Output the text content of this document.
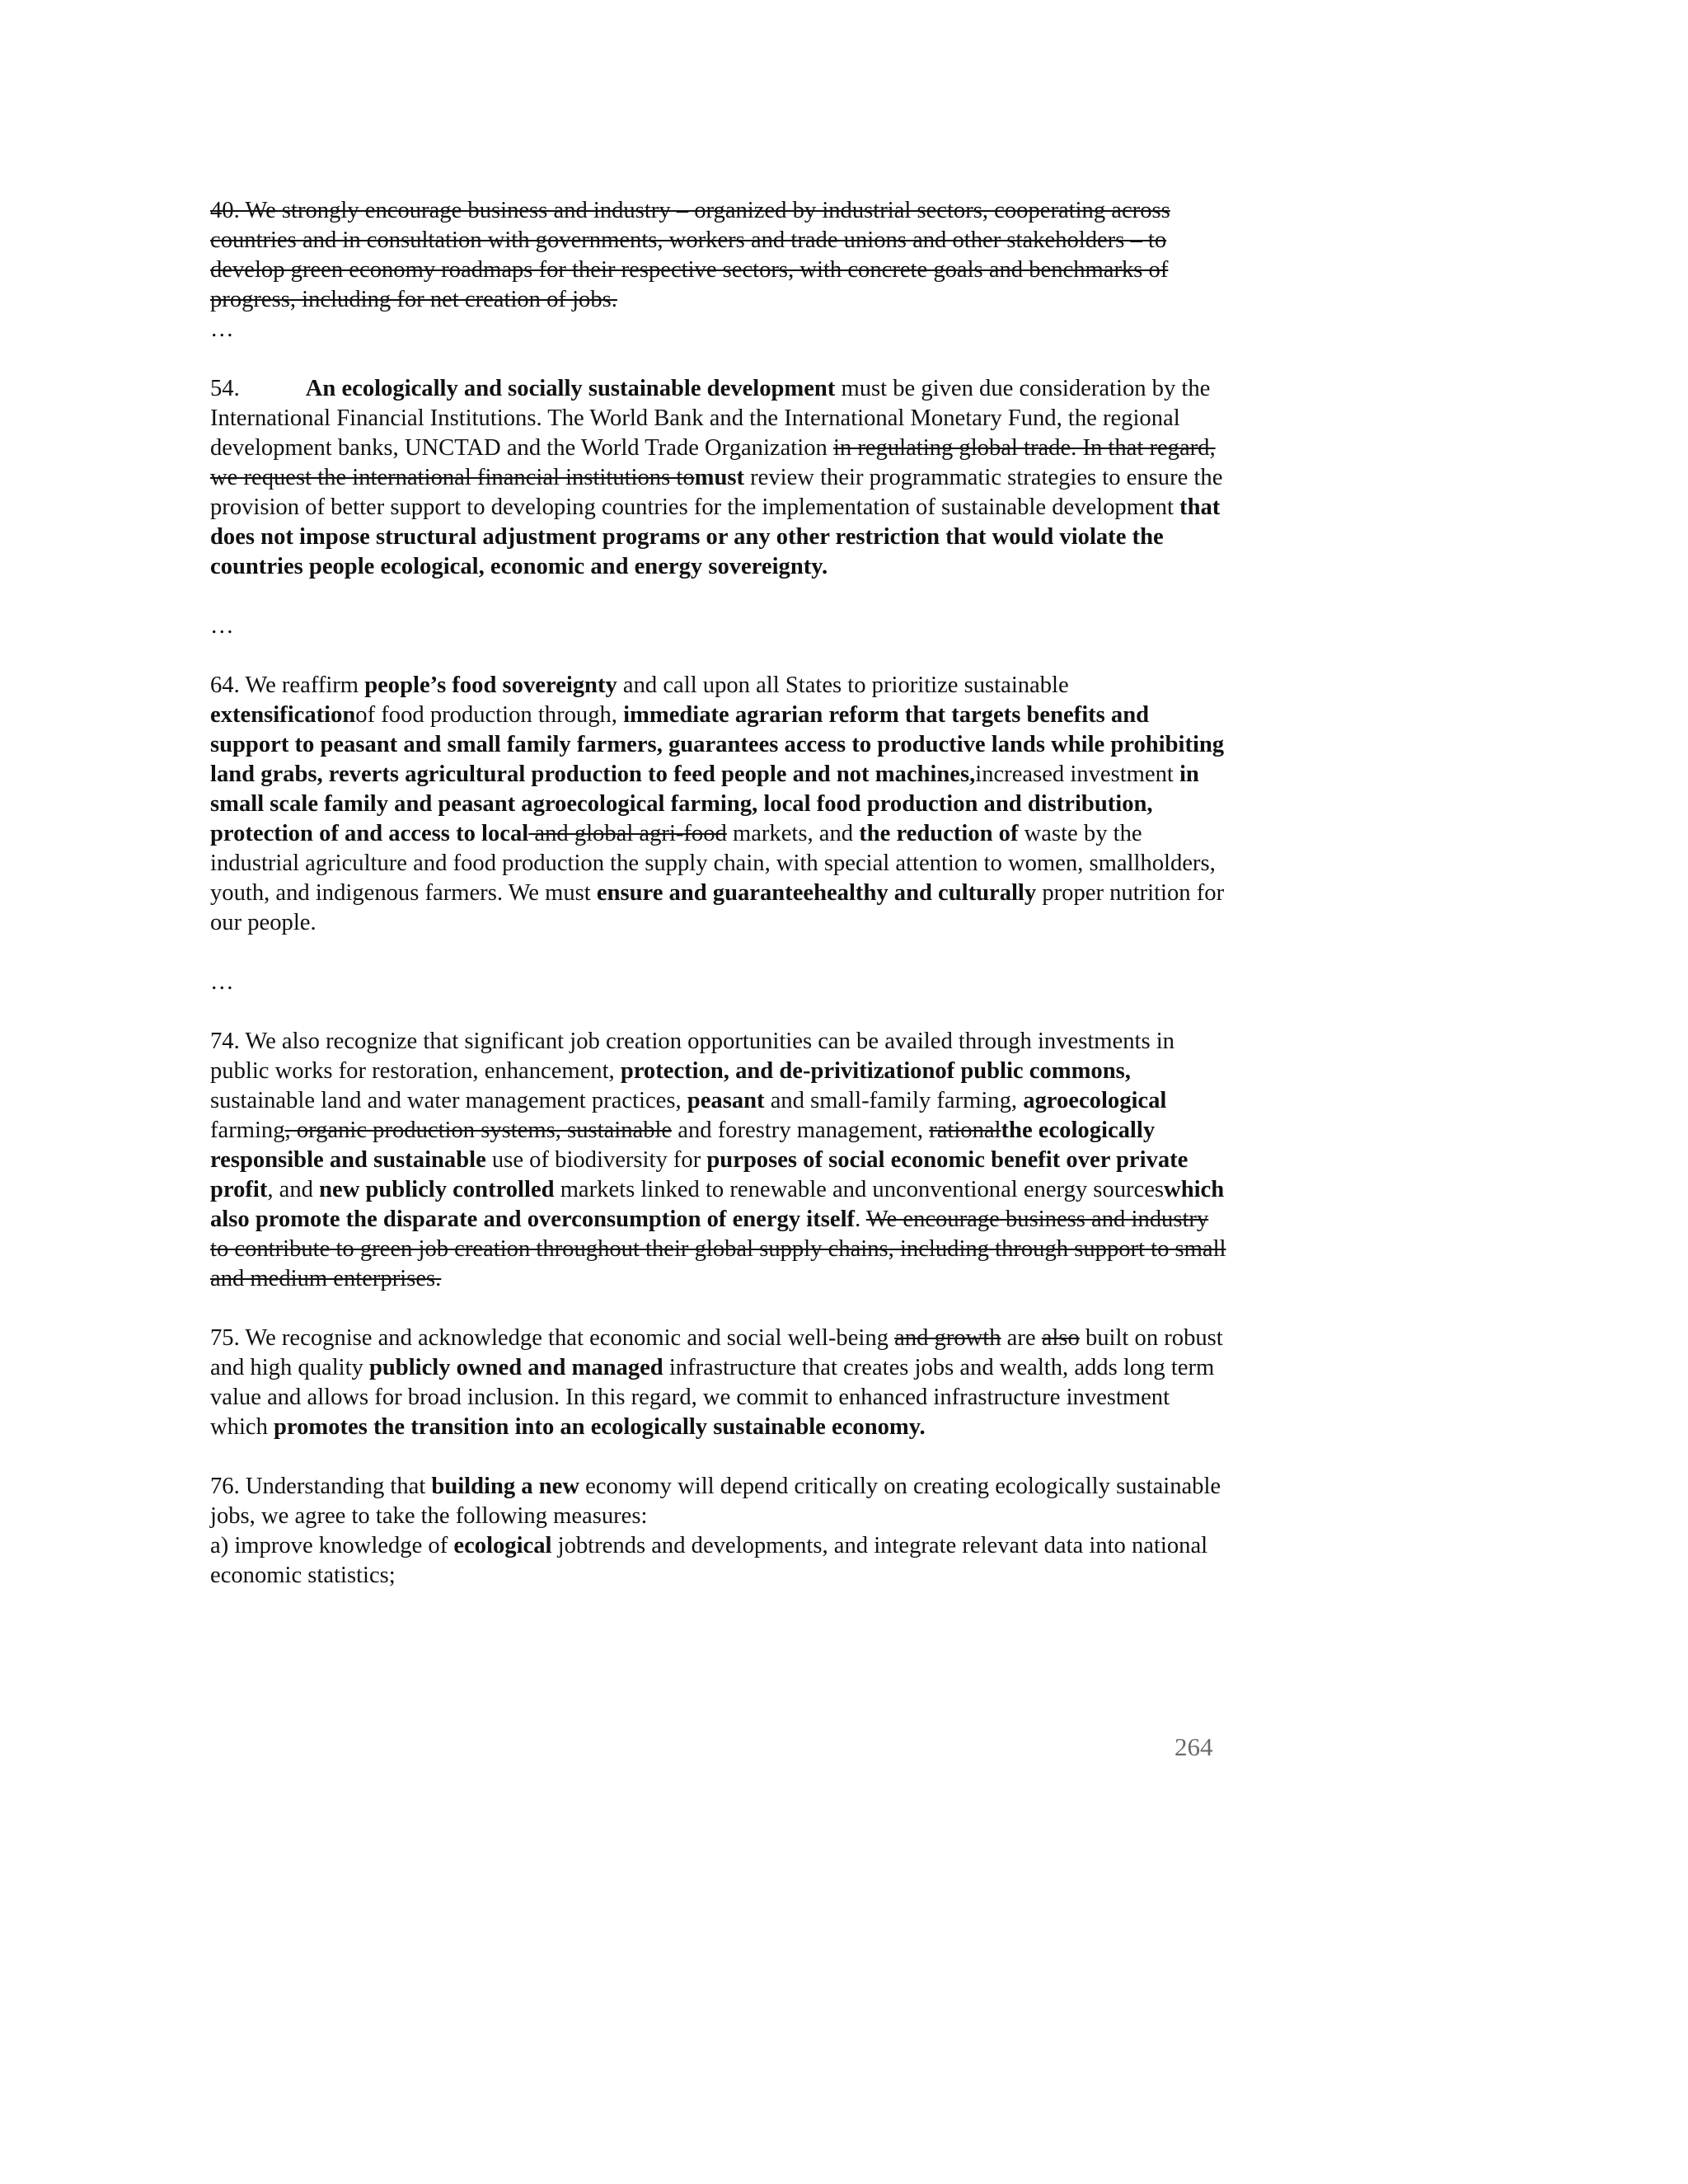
40. We strongly encourage business and industry – organized by industrial sectors, cooperating across countries and in consultation with governments, workers and trade unions and other stakeholders – to develop green economy roadmaps for their respective sectors, with concrete goals and benchmarks of progress, including for net creation of jobs.

…

54.	An ecologically and socially sustainable development must be given due consideration by the International Financial Institutions. The World Bank and the International Monetary Fund, the regional development banks, UNCTAD and the World Trade Organization in regulating global trade. In that regard, we request the international financial institutions tomust review their programmatic strategies to ensure the provision of better support to developing countries for the implementation of sustainable development that does not impose structural adjustment programs or any other restriction that would violate the countries people ecological, economic and energy sovereignty.

…

64. We reaffirm people’s food sovereignty and call upon all States to prioritize sustainable extensificationof food production through, immediate agrarian reform that targets benefits and support to peasant and small family farmers, guarantees access to productive lands while prohibiting land grabs, reverts agricultural production to feed people and not machines,increased investment in small scale family and peasant agroecological farming, local food production and distribution, protection of and access to local and global agri-food markets, and the reduction of waste by the industrial agriculture and food production the supply chain, with special attention to women, smallholders, youth, and indigenous farmers. We must ensure and guaranteehealthy and culturally proper nutrition for our people.

…

74. We also recognize that significant job creation opportunities can be availed through investments in public works for restoration, enhancement, protection, and de-privitizationof public commons, sustainable land and water management practices, peasant and small-family farming, agroecological farming, organic production systems, sustainable and forestry management, rationalthe ecologically responsible and sustainable use of biodiversity for purposes of social economic benefit over private profit, and new publicly controlled markets linked to renewable and unconventional energy sourceswhich also promote the disparate and overconsumption of energy itself. We encourage business and industry to contribute to green job creation throughout their global supply chains, including through support to small and medium enterprises.

75. We recognise and acknowledge that economic and social well-being and growth are also built on robust and high quality publicly owned and managed infrastructure that creates jobs and wealth, adds long term value and allows for broad inclusion. In this regard, we commit to enhanced infrastructure investment which promotes the transition into an ecologically sustainable economy.

76. Understanding that building a new economy will depend critically on creating ecologically sustainable jobs, we agree to take the following measures:

a) improve knowledge of ecological jobtrends and developments, and integrate relevant data into national economic statistics;

264
